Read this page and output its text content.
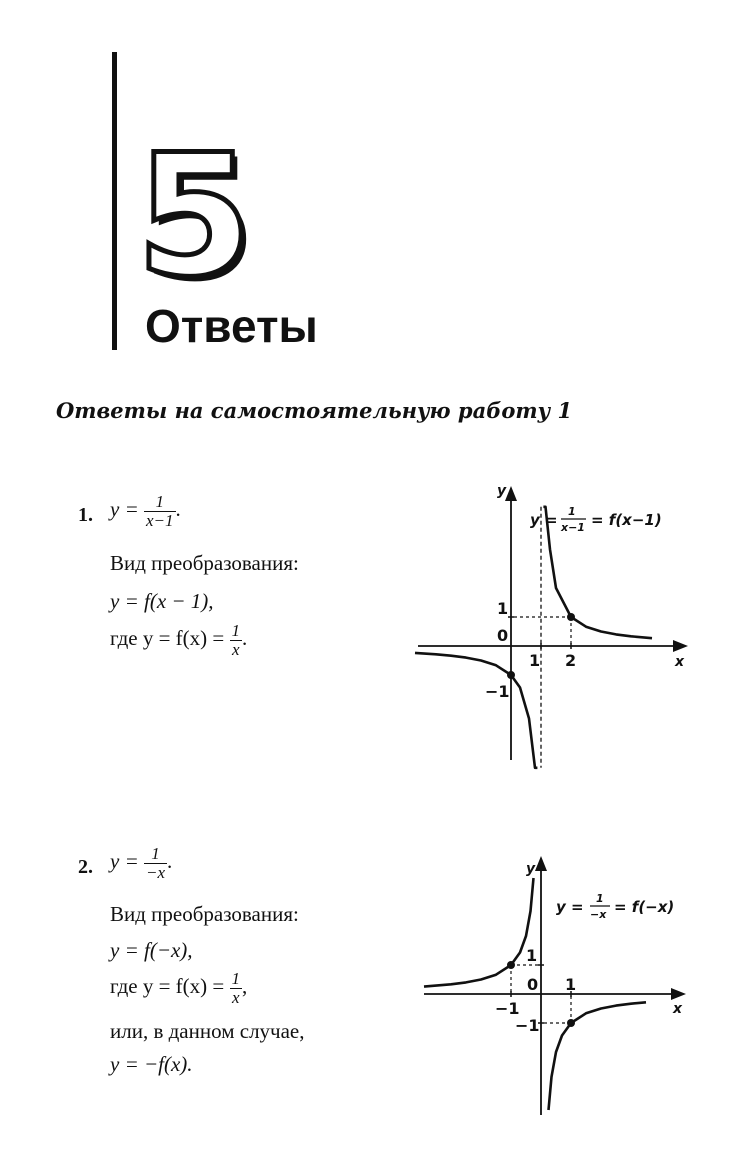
5
Ответы
Ответы на самостоятельную работу 1
1. $y = \frac{1}{x-1}$ .
Вид преобразования:
y = f(x − 1),
где $y = f(x) = \frac{1}{x}$ .
2. $y = \frac{1}{-x}$ .
Вид преобразования:
y = f(−x),
где $y = f(x) = \frac{1}{x}$ ,
или, в данном случае,
y = −f(x).
x
y
0
1 2
1
−1
y = 1
x−1 = f(x−1)
x
y
0 1
−1
1
−1
y = 1
−x = f(−x)
